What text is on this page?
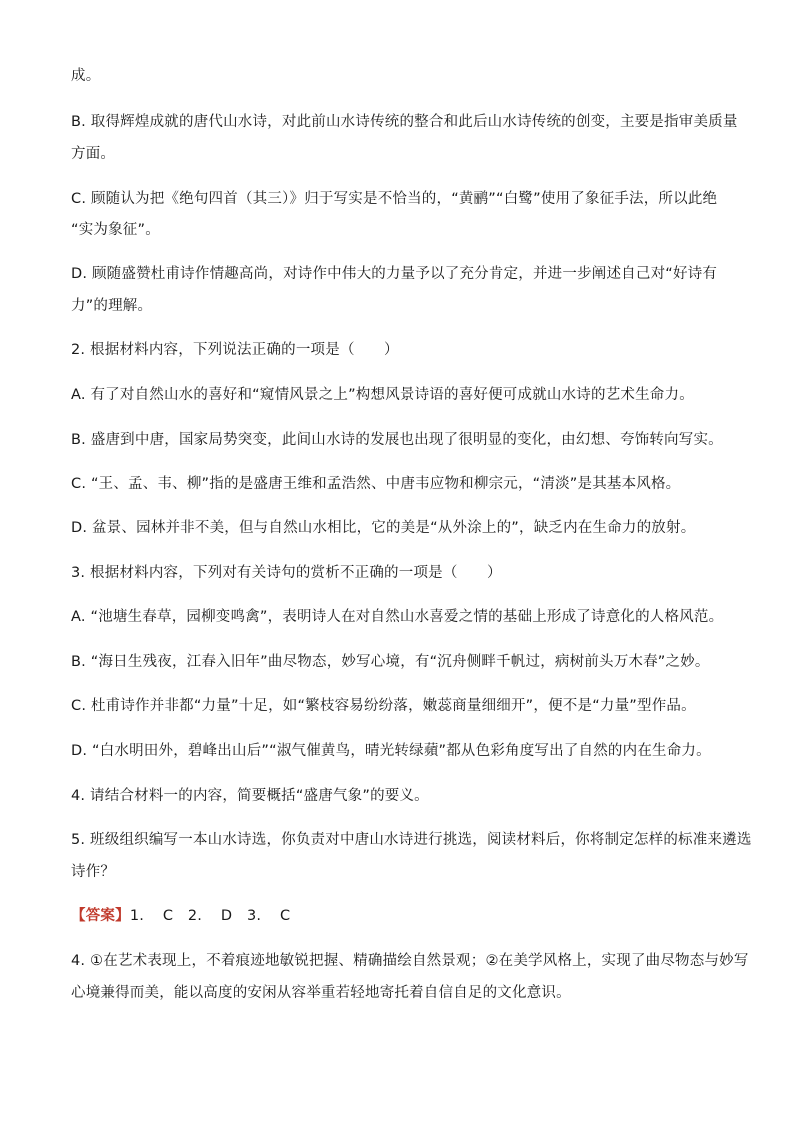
成。
B. 取得辉煌成就的唐代山水诗，对此前山水诗传统的整合和此后山水诗传统的创变，主要是指审美质量
方面。
C. 顾随认为把《绝句四首（其三）》归于写实是不恰当的，“黄鹂”“白鹭”使用了象征手法，所以此绝
“实为象征”。
D. 顾随盛赞杜甫诗作情趣高尚，对诗作中伟大的力量予以了充分肯定，并进一步阐述自己对“好诗有
力”的理解。
2. 根据材料内容，下列说法正确的一项是（　　）
A. 有了对自然山水的喜好和“窥情风景之上”构想风景诗语的喜好便可成就山水诗的艺术生命力。
B. 盛唐到中唐，国家局势突变，此间山水诗的发展也出现了很明显的变化，由幻想、夸饰转向写实。
C. “王、孟、韦、柳”指的是盛唐王维和孟浩然、中唐韦应物和柳宗元，“清淡”是其基本风格。
D. 盆景、园林并非不美，但与自然山水相比，它的美是“从外涂上的”，缺乏内在生命力的放射。
3. 根据材料内容，下列对有关诗句的赏析不正确的一项是（　　）
A. “池塘生春草，园柳变鸣禽”，表明诗人在对自然山水喜爱之情的基础上形成了诗意化的人格风范。
B. “海日生残夜，江春入旧年”曲尽物态，妙写心境，有“沉舟侧畔千帆过，病树前头万木春”之妙。
C. 杜甫诗作并非都“力量”十足，如“繁枝容易纷纷落，嫩蕊商量细细开”，便不是“力量”型作品。
D. “白水明田外，碧峰出山后”“淑气催黄鸟，晴光转绿蘋”都从色彩角度写出了自然的内在生命力。
4. 请结合材料一的内容，简要概括“盛唐气象”的要义。
5. 班级组织编写一本山水诗选，你负责对中唐山水诗进行挑选，阅读材料后，你将制定怎样的标准来遴选
诗作？
【答案】1. C　2. D　3. C
4. ①在艺术表现上，不着痕迹地敏锐把握、精确描绘自然景观；②在美学风格上，实现了曲尽物态与妙写
心境兼得而美，能以高度的安闲从容举重若轻地寄托着自信自足的文化意识。
